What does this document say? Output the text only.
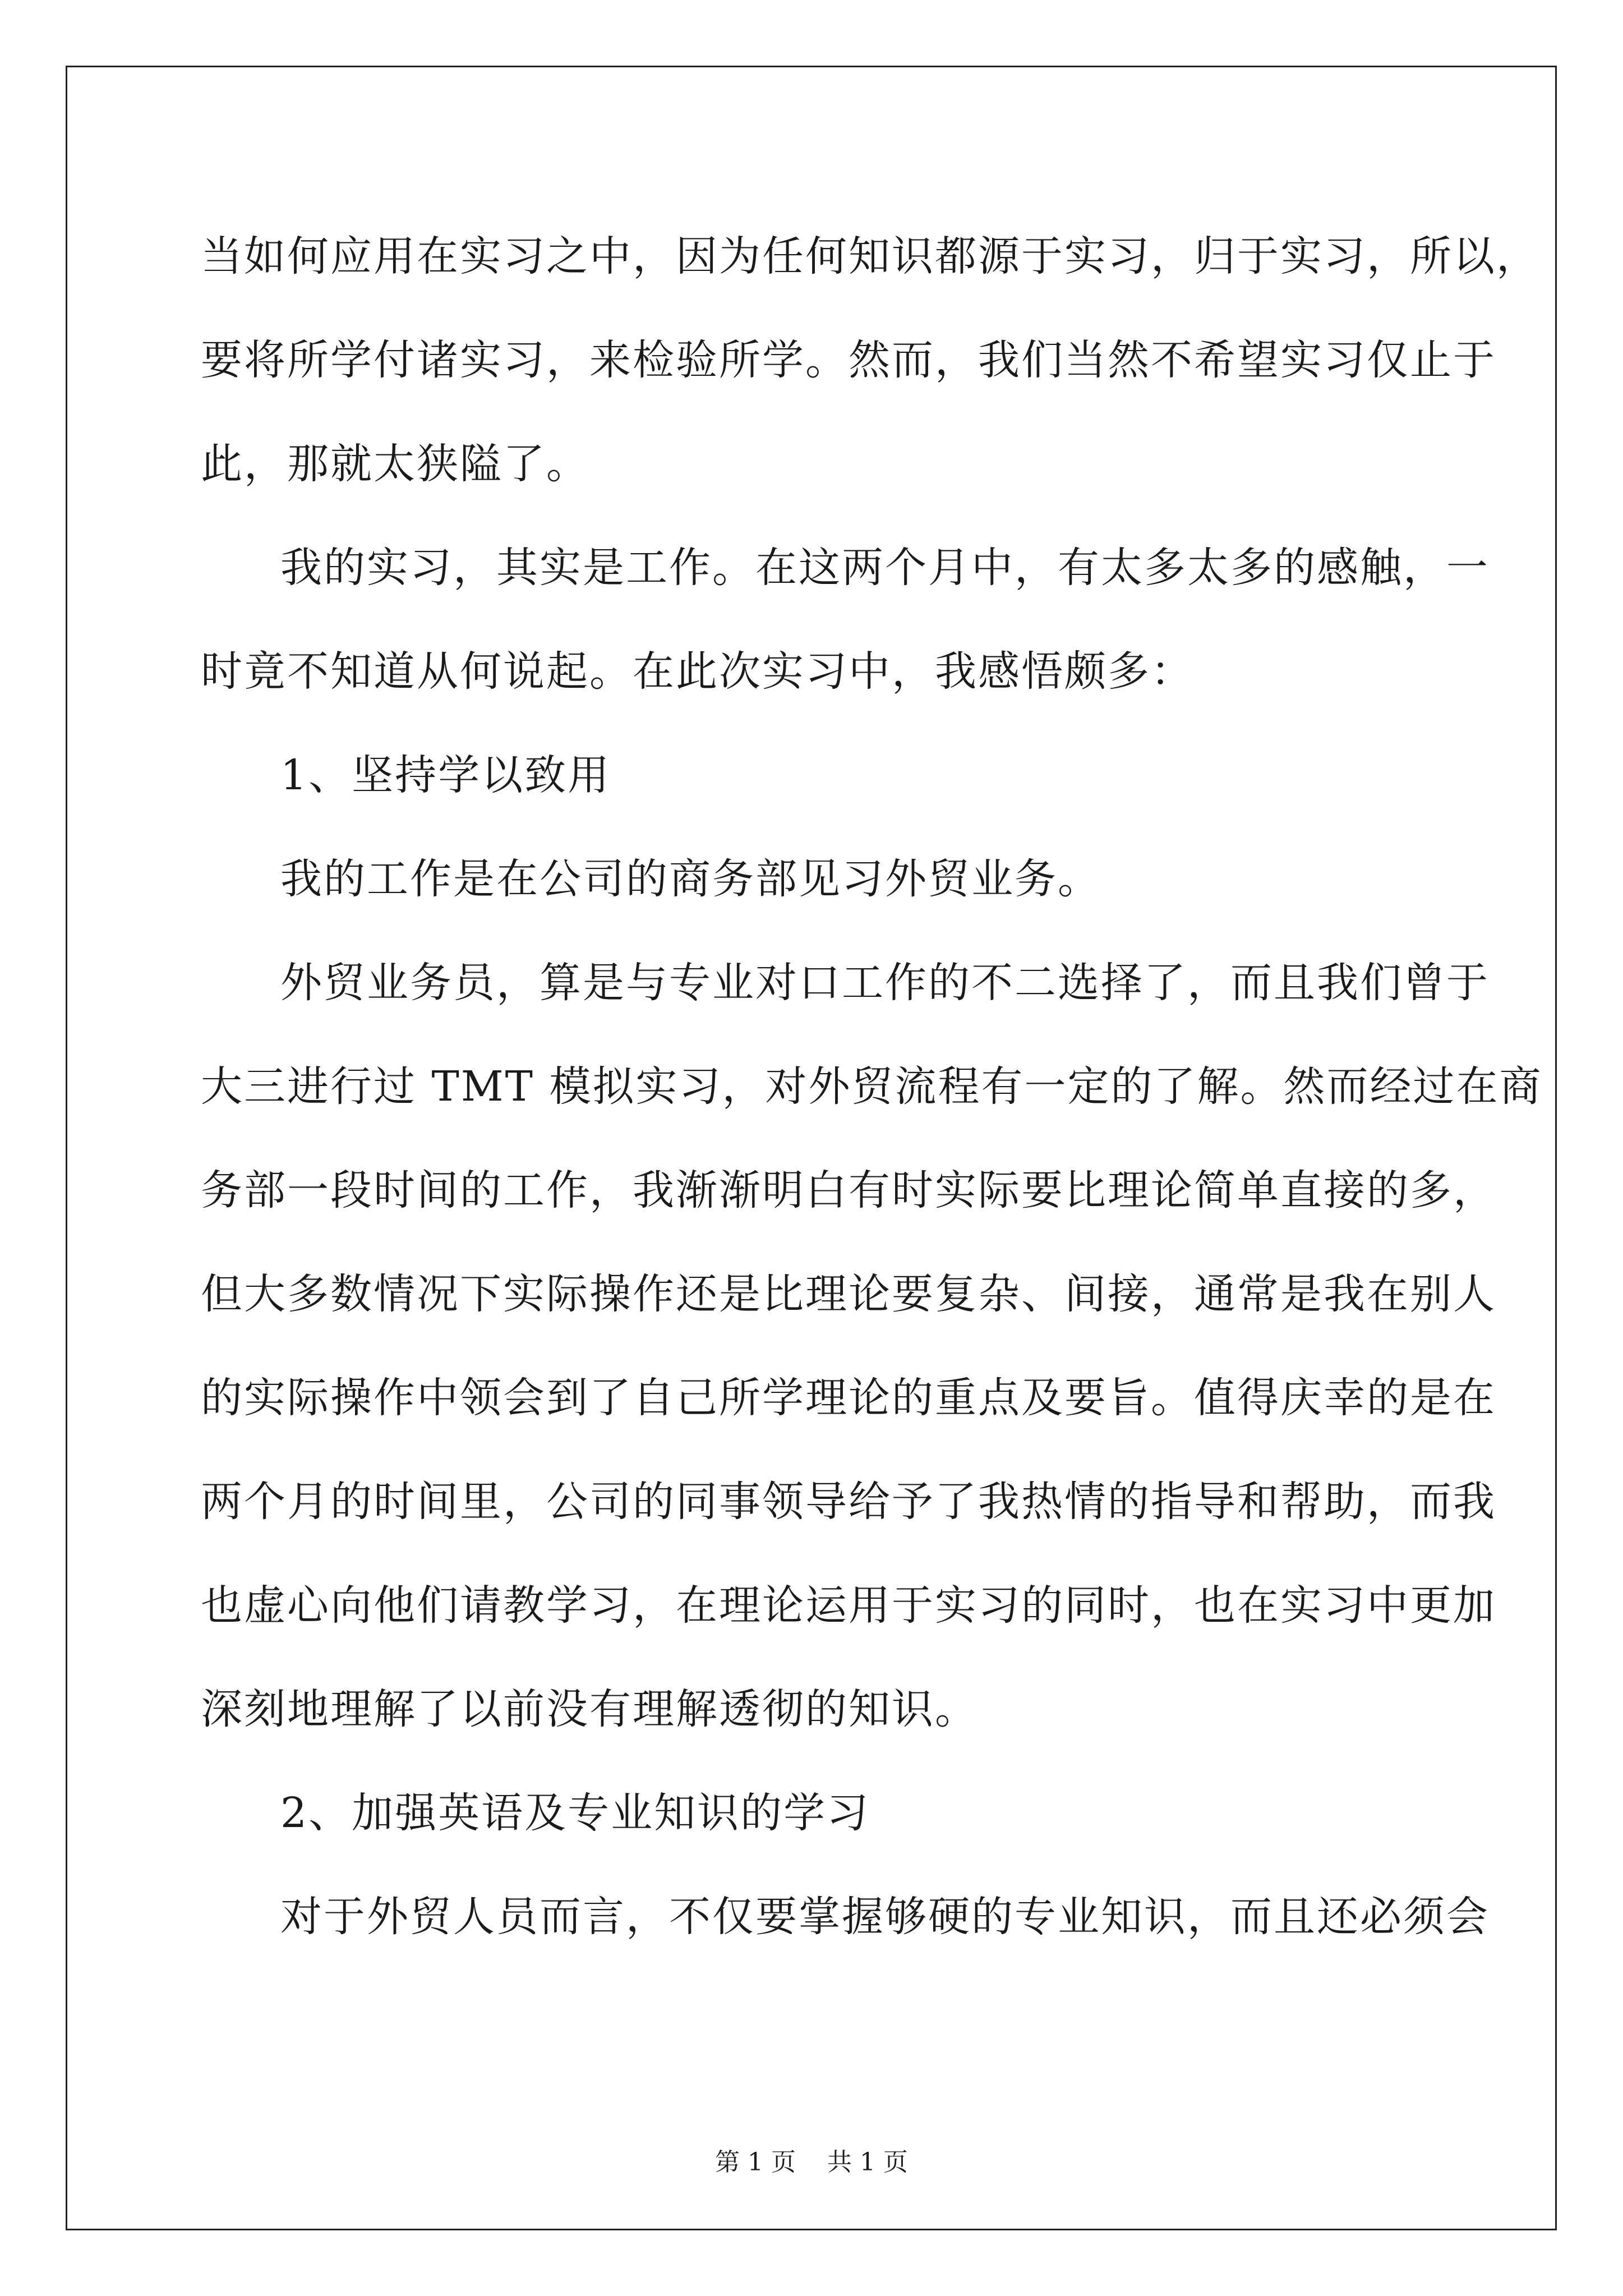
当如何应用在实习之中，因为任何知识都源于实习，归于实习，所以，
要将所学付诸实习，来检验所学。然而，我们当然不希望实习仅止于
此，那就太狭隘了。
我的实习，其实是工作。在这两个月中，有太多太多的感触，一
时竟不知道从何说起。在此次实习中，我感悟颇多：
1、坚持学以致用
我的工作是在公司的商务部见习外贸业务。
外贸业务员，算是与专业对口工作的不二选择了，而且我们曾于
大三进行过 TMT 模拟实习，对外贸流程有一定的了解。然而经过在商
务部一段时间的工作，我渐渐明白有时实际要比理论简单直接的多，
但大多数情况下实际操作还是比理论要复杂、间接，通常是我在别人
的实际操作中领会到了自己所学理论的重点及要旨。值得庆幸的是在
两个月的时间里，公司的同事领导给予了我热情的指导和帮助，而我
也虚心向他们请教学习，在理论运用于实习的同时，也在实习中更加
深刻地理解了以前没有理解透彻的知识。
2、加强英语及专业知识的学习
对于外贸人员而言，不仅要掌握够硬的专业知识，而且还必须会
第 1 页    共 1 页
